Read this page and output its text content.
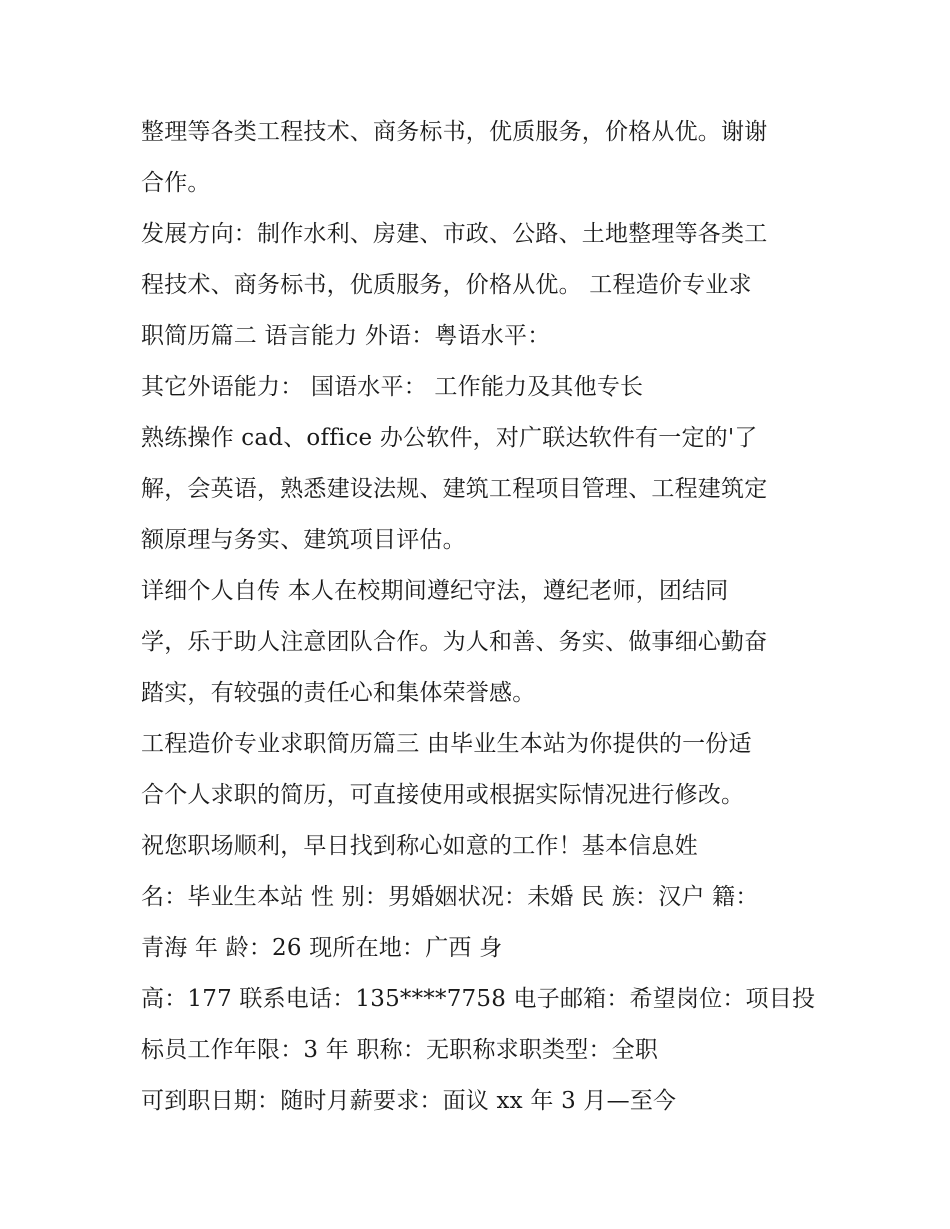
整理等各类工程技术、商务标书，优质服务，价格从优。谢谢
合作。
发展方向：制作水利、房建、市政、公路、土地整理等各类工
程技术、商务标书，优质服务，价格从优。 工程造价专业求
职简历篇二 语言能力 外语：粤语水平：
其它外语能力： 国语水平： 工作能力及其他专长
熟练操作 cad、office 办公软件，对广联达软件有一定的'了
解，会英语，熟悉建设法规、建筑工程项目管理、工程建筑定
额原理与务实、建筑项目评估。
详细个人自传 本人在校期间遵纪守法，遵纪老师，团结同
学，乐于助人注意团队合作。为人和善、务实、做事细心勤奋
踏实，有较强的责任心和集体荣誉感。
工程造价专业求职简历篇三 由毕业生本站为你提供的一份适
合个人求职的简历，可直接使用或根据实际情况进行修改。
祝您职场顺利，早日找到称心如意的工作！基本信息姓
名：毕业生本站 性 别：男婚姻状况：未婚 民 族：汉户 籍：
青海 年 龄：26 现所在地：广西 身
高：177 联系电话：135****7758 电子邮箱：希望岗位：项目投
标员工作年限：3 年 职称：无职称求职类型：全职
可到职日期：随时月薪要求：面议 xx 年 3 月—至今
